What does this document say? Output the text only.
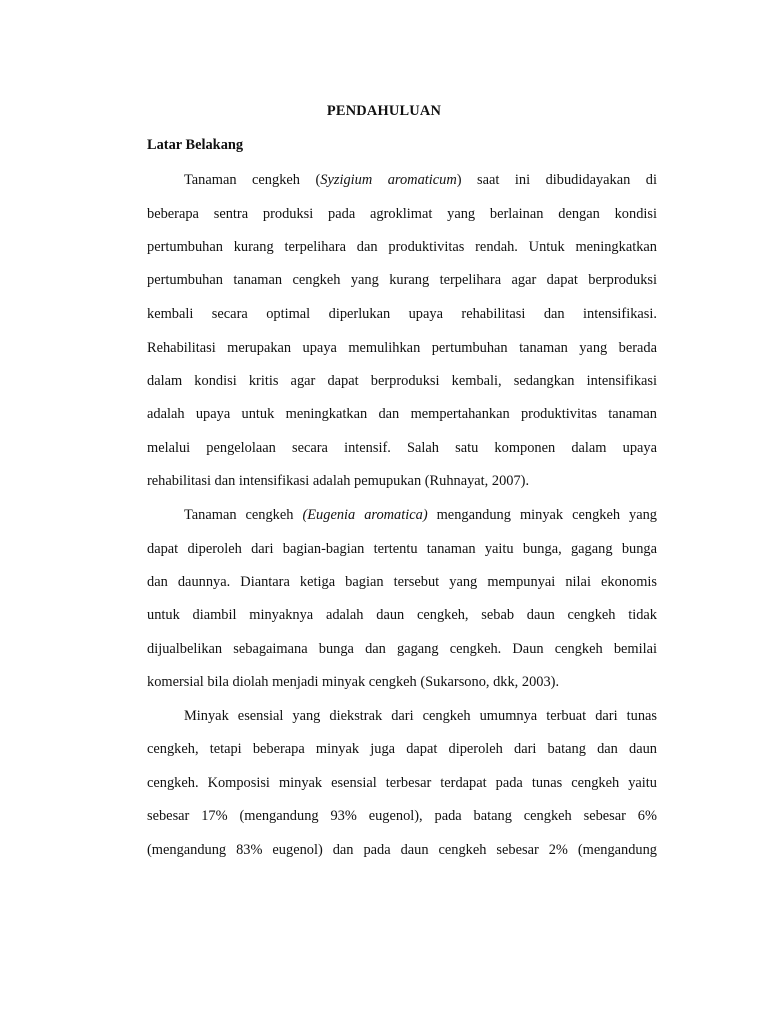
PENDAHULUAN
Latar Belakang
Tanaman cengkeh (Syzigium aromaticum) saat ini dibudidayakan di
beberapa sentra produksi pada agroklimat yang berlainan dengan kondisi
pertumbuhan kurang terpelihara dan produktivitas rendah. Untuk meningkatkan
pertumbuhan tanaman cengkeh yang kurang terpelihara agar dapat berproduksi
kembali secara optimal diperlukan upaya rehabilitasi dan intensifikasi.
Rehabilitasi merupakan upaya memulihkan pertumbuhan tanaman yang berada
dalam kondisi kritis agar dapat berproduksi kembali, sedangkan intensifikasi
adalah upaya untuk meningkatkan dan mempertahankan produktivitas tanaman
melalui pengelolaan secara intensif. Salah satu komponen dalam upaya
rehabilitasi dan intensifikasi adalah pemupukan (Ruhnayat, 2007).
Tanaman cengkeh (Eugenia aromatica) mengandung minyak cengkeh yang
dapat diperoleh dari bagian-bagian tertentu tanaman yaitu bunga, gagang bunga
dan daunnya. Diantara ketiga bagian tersebut yang mempunyai nilai ekonomis
untuk diambil minyaknya adalah daun cengkeh, sebab daun cengkeh tidak
dijualbelikan sebagaimana bunga dan gagang cengkeh. Daun cengkeh bemilai
komersial bila diolah menjadi minyak cengkeh (Sukarsono, dkk, 2003).
Minyak esensial yang diekstrak dari cengkeh umumnya terbuat dari tunas
cengkeh, tetapi beberapa minyak juga dapat diperoleh dari batang dan daun
cengkeh. Komposisi minyak esensial terbesar terdapat pada tunas cengkeh yaitu
sebesar 17% (mengandung 93% eugenol), pada batang cengkeh sebesar 6%
(mengandung 83% eugenol) dan pada daun cengkeh sebesar 2% (mengandung
